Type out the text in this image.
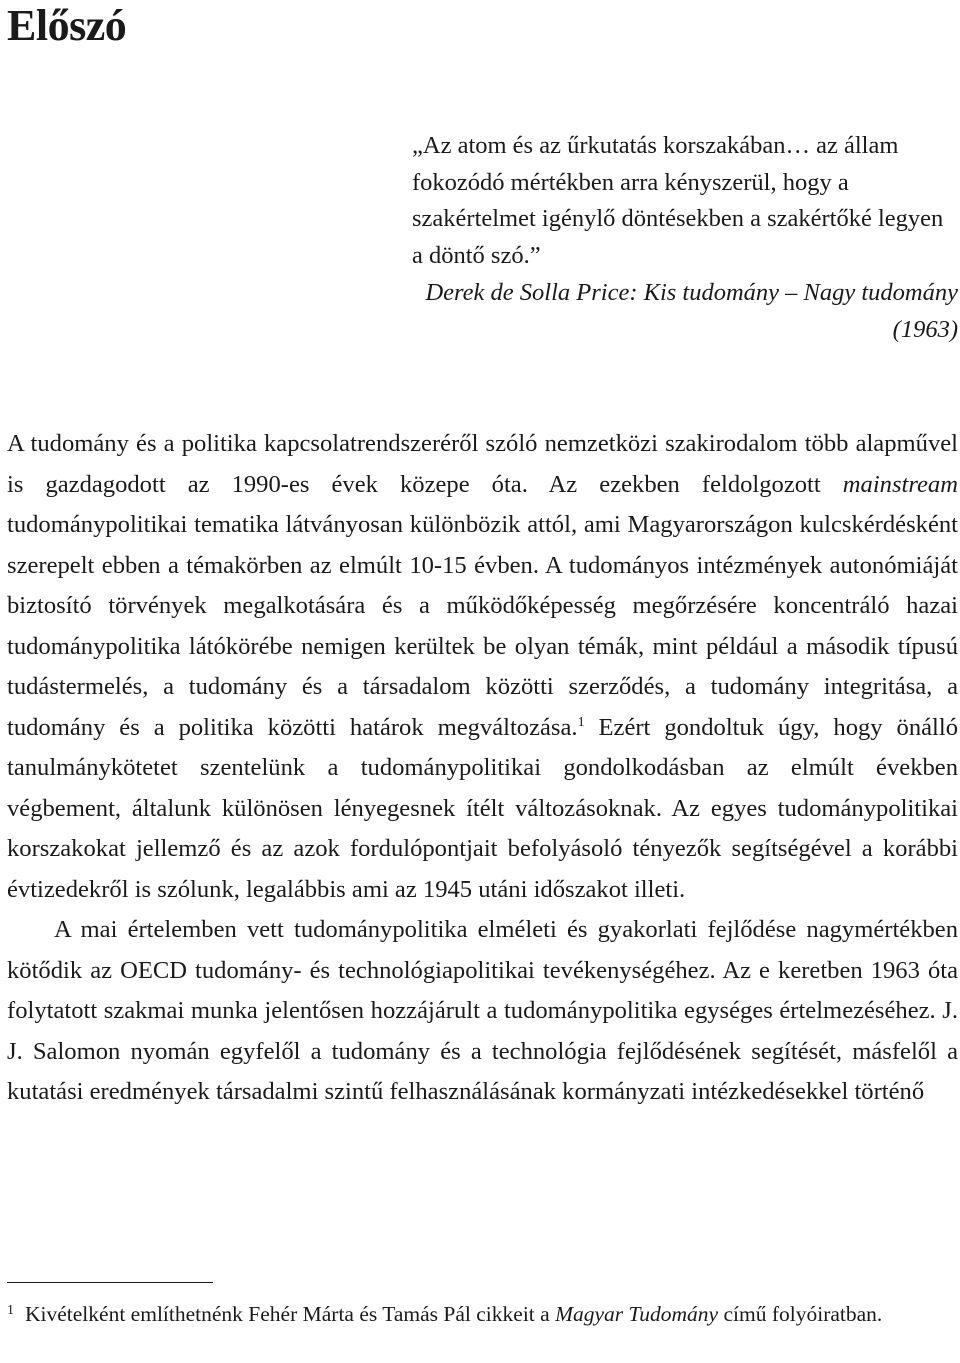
Előszó

„Az atom és az űrkutatás korszakában… az állam fokozódó mértékben arra kényszerül, hogy a szakértelmet igénylő döntésekben a szakértőké legyen a döntő szó.”

Derek de Solla Price: Kis tudomány – Nagy tudomány (1963)

A tudomány és a politika kapcsolatrendszeréről szóló nemzetközi szakirodalom több alapművel is gazdagodott az 1990-es évek közepe óta. Az ezekben feldolgozott mainstream tudománypolitikai tematika látványosan különbözik attól, ami Magyarországon kulcskérdésként szerepelt ebben a témakörben az elmúlt 10-15 évben. A tudományos intézmények autonómiáját biztosító törvények megalkotására és a működőképesség megőrzésére koncentráló hazai tudománypolitika látókörébe nemigen kerültek be olyan témák, mint például a második típusú tudástermelés, a tudomány és a társadalom közötti szerződés, a tudomány integritása, a tudomány és a politika közötti határok megváltozása.$^1$ Ezért gondoltuk úgy, hogy önálló tanulmánykötetet szentelünk a tudománypolitikai gondolkodásban az elmúlt években végbement, általunk különösen lényegesnek ítélt változásoknak. Az egyes tudománypolitikai korszakokat jellemző és az azok fordulópontjait befolyásoló tényezők segítségével a korábbi évtizedekről is szólunk, legalábbis ami az 1945 utáni időszakot illeti.

A mai értelemben vett tudománypolitika elméleti és gyakorlati fejlődése nagymértékben kötődik az OECD tudomány- és technológiapolitikai tevékenységéhez. Az e keretben 1963 óta folytatott szakmai munka jelentősen hozzájárult a tudománypolitika egységes értelmezéséhez. J. J. Salomon nyomán egyfelől a tudomány és a technológia fejlődésének segítését, másfelől a kutatási eredmények társadalmi szintű felhasználásának kormányzati intézkedésekkel történő

1 Kivételként említhetnénk Fehér Márta és Tamás Pál cikkeit a Magyar Tudomány című folyóiratban.
